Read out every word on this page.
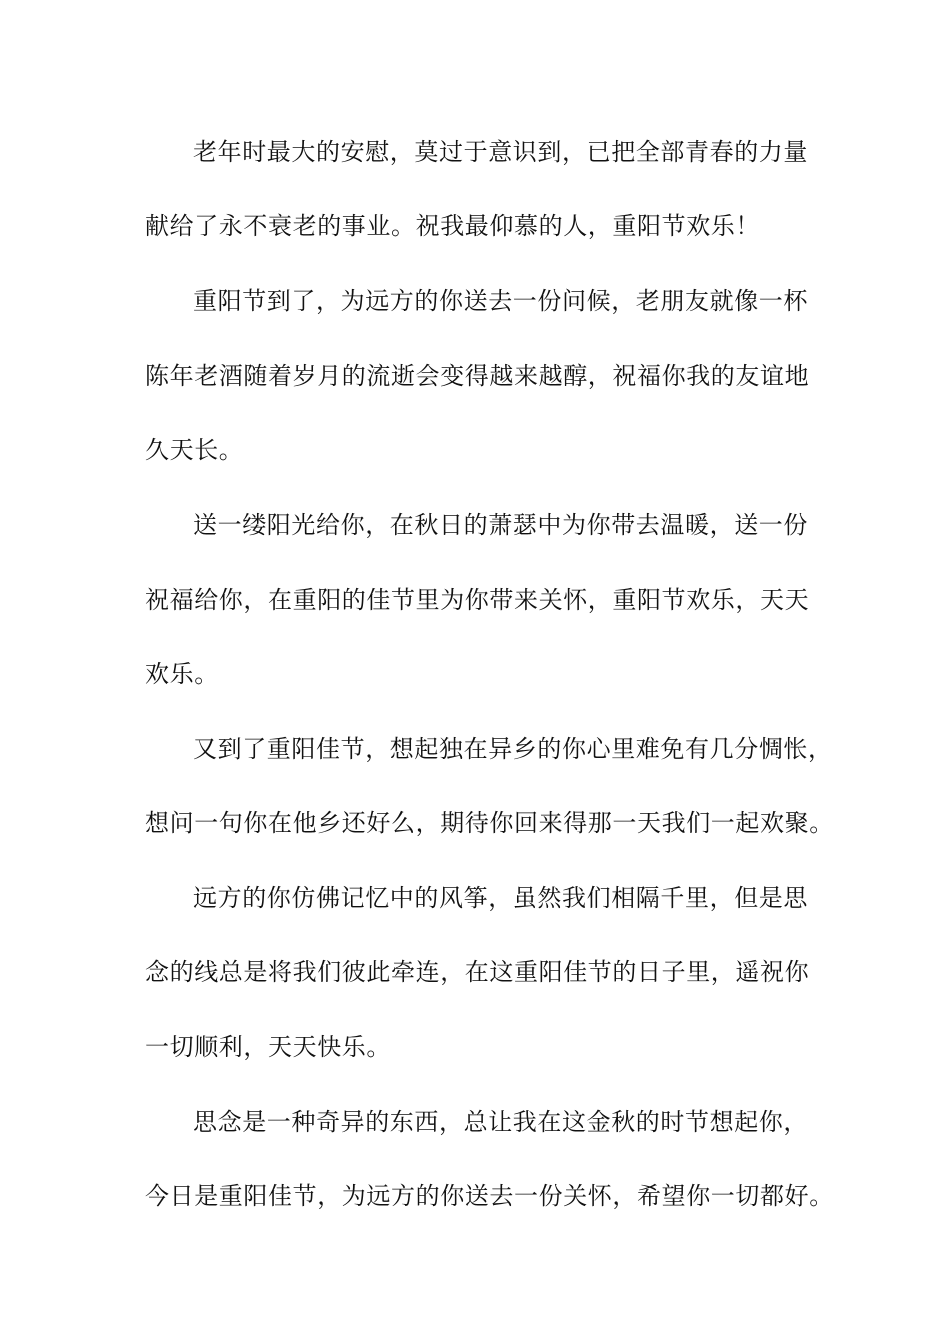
老年时最大的安慰，莫过于意识到，已把全部青春的力量
献给了永不衰老的事业。祝我最仰慕的人，重阳节欢乐！
重阳节到了，为远方的你送去一份问候，老朋友就像一杯
陈年老酒随着岁月的流逝会变得越来越醇，祝福你我的友谊地
久天长。
送一缕阳光给你，在秋日的萧瑟中为你带去温暖，送一份
祝福给你，在重阳的佳节里为你带来关怀，重阳节欢乐，天天
欢乐。
又到了重阳佳节，想起独在异乡的你心里难免有几分惆怅，
想问一句你在他乡还好么，期待你回来得那一天我们一起欢聚。
远方的你仿佛记忆中的风筝，虽然我们相隔千里，但是思
念的线总是将我们彼此牵连，在这重阳佳节的日子里，遥祝你
一切顺利，天天快乐。
思念是一种奇异的东西，总让我在这金秋的时节想起你，
今日是重阳佳节，为远方的你送去一份关怀，希望你一切都好。
